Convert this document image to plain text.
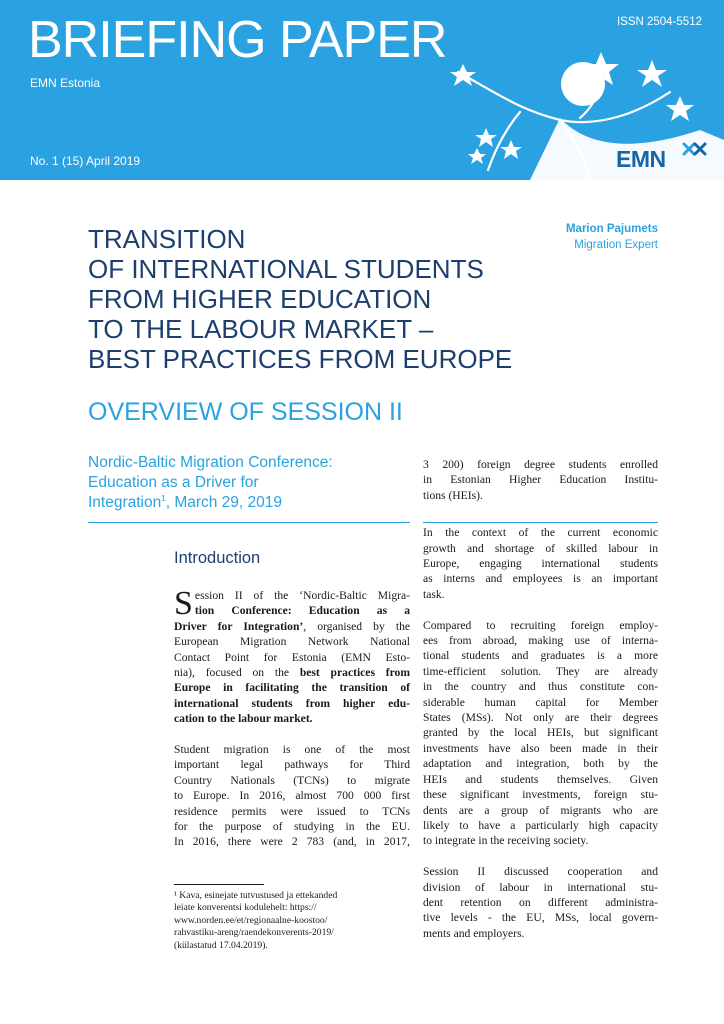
BRIEFING PAPER
EMN Estonia
ISSN 2504-5512
No. 1 (15) April 2019	EMN
Marion Pajumets
Migration Expert
TRANSITION
OF INTERNATIONAL STUDENTS
FROM HIGHER EDUCATION
TO THE LABOUR MARKET –
BEST PRACTICES FROM EUROPE
OVERVIEW OF SESSION II
Nordic-Baltic Migration Conference:
Education as a Driver for
Integration$^1$, March 29, 2019
Introduction

S ession II of the ‘Nordic-Baltic Migra-
tion Conference: Education as a
Driver for Integration’, organised by the
European Migration Network National
Contact Point for Estonia (EMN Esto-
nia), focused on the best practices from
Europe in facilitating the transition of
international students from higher edu-
cation to the labour market.

Student migration is one of the most
important legal pathways for Third
Country Nationals (TCNs) to migrate
to Europe. In 2016, almost 700 000 first
residence permits were issued to TCNs
for the purpose of studying in the EU.
In 2016, there were 2 783 (and, in 2017,

3 200) foreign degree students enrolled
in Estonian Higher Education Institu-
tions (HEIs).

In the context of the current economic
growth and shortage of skilled labour in
Europe, engaging international students
as interns and employees is an important
task.

Compared to recruiting foreign employ-
ees from abroad, making use of interna-
tional students and graduates is a more
time-efficient solution. They are already
in the country and thus constitute con-
siderable human capital for Member
States (MSs). Not only are their degrees
granted by the local HEIs, but significant
investments have also been made in their
adaptation and integration, both by the
HEIs and students themselves. Given
these significant investments, foreign stu-
dents are a group of migrants who are
likely to have a particularly high capacity
to integrate in the receiving society.

Session II discussed cooperation and
division of labour in international stu-
dent retention on different administra-
tive levels - the EU, MSs, local govern-
ments and employers.

¹ Kava, esinejate tutvustused ja ettekanded
leiate konverentsi kodulehelt: https://
www.norden.ee/et/regionaalne-koostoo/
rahvastiku-areng/raendekonverents-2019/
(külastatud 17.04.2019).
